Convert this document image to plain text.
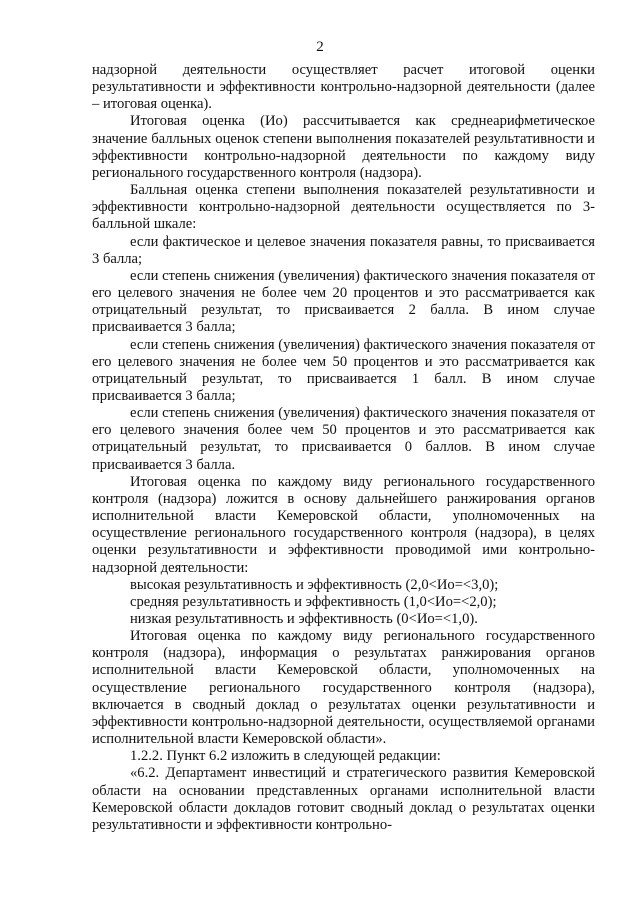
2

надзорной деятельности осуществляет расчет итоговой оценки результативности и эффективности контрольно-надзорной деятельности (далее – итоговая оценка).

Итоговая оценка (Ио) рассчитывается как среднеарифметическое значение балльных оценок степени выполнения показателей результативности и эффективности контрольно-надзорной деятельности по каждому виду регионального государственного контроля (надзора).

Балльная оценка степени выполнения показателей результативности и эффективности контрольно-надзорной деятельности осуществляется по 3-балльной шкале:

если фактическое и целевое значения показателя равны, то присваивается 3 балла;

если степень снижения (увеличения) фактического значения показателя от его целевого значения не более чем 20 процентов и это рассматривается как отрицательный результат, то присваивается 2 балла. В ином случае присваивается 3 балла;

если степень снижения (увеличения) фактического значения показателя от его целевого значения не более чем 50 процентов и это рассматривается как отрицательный результат, то присваивается 1 балл. В ином случае присваивается 3 балла;

если степень снижения (увеличения) фактического значения показателя от его целевого значения более чем 50 процентов и это рассматривается как отрицательный результат, то присваивается 0 баллов. В ином случае присваивается 3 балла.

Итоговая оценка по каждому виду регионального государственного контроля (надзора) ложится в основу дальнейшего ранжирования органов исполнительной власти Кемеровской области, уполномоченных на осуществление регионального государственного контроля (надзора), в целях оценки результативности и эффективности проводимой ими контрольно-надзорной деятельности:

высокая результативность и эффективность (2,0<Ио=<3,0);

средняя результативность и эффективность (1,0<Ио=<2,0);

низкая результативность и эффективность (0<Ио=<1,0).

Итоговая оценка по каждому виду регионального государственного контроля (надзора), информация о результатах ранжирования органов исполнительной власти Кемеровской области, уполномоченных на осуществление регионального государственного контроля (надзора), включается в сводный доклад о результатах оценки результативности и эффективности контрольно-надзорной деятельности, осуществляемой органами исполнительной власти Кемеровской области».

1.2.2. Пункт 6.2 изложить в следующей редакции:

«6.2. Департамент инвестиций и стратегического развития Кемеровской области на основании представленных органами исполнительной власти Кемеровской области докладов готовит сводный доклад о результатах оценки результативности и эффективности контрольно-
